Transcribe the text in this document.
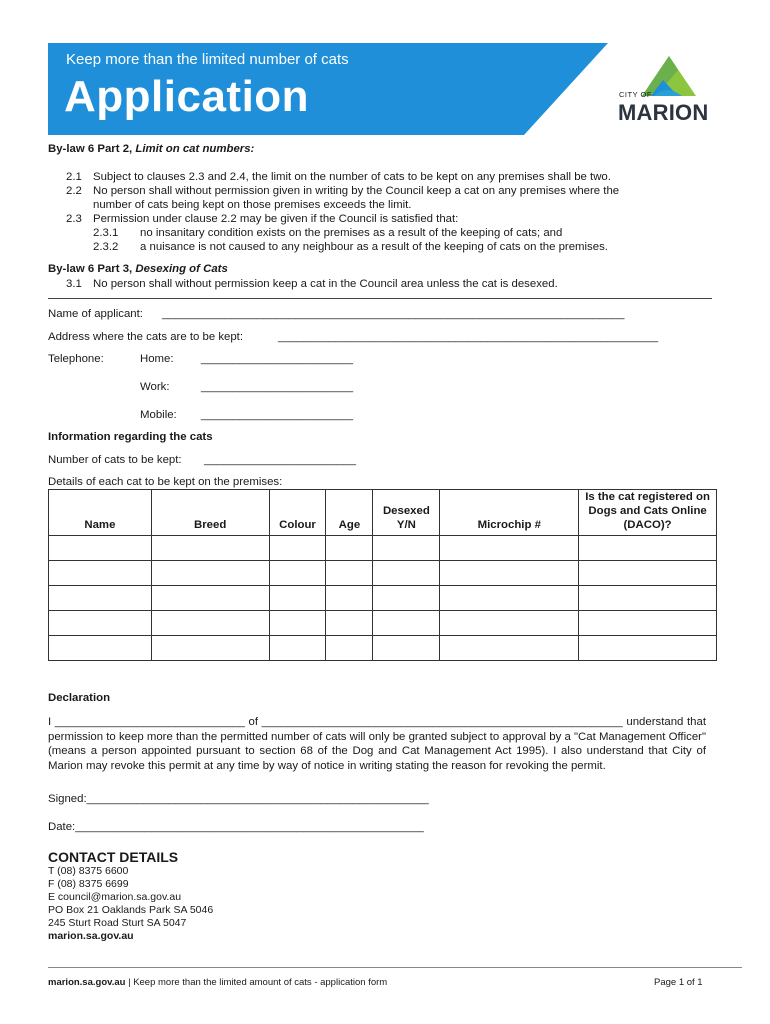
Keep more than the limited number of cats
Application	CITY OF
MARION
By-law 6 Part 2, Limit on cat numbers:
2.1 Subject to clauses 2.3 and 2.4, the limit on the number of cats to be kept on any premises shall be two.
2.2 No person shall without permission given in writing by the Council keep a cat on any premises where the
number of cats being kept on those premises exceeds the limit.
2.3 Permission under clause 2.2 may be given if the Council is satisfied that:
2.3.1 no insanitary condition exists on the premises as a result of the keeping of cats; and
2.3.2 a nuisance is not caused to any neighbour as a result of the keeping of cats on the premises.
By-law 6 Part 3, Desexing of Cats
3.1 No person shall without permission keep a cat in the Council area unless the cat is desexed.
Name of applicant: _________________________________________________________________________
Address where the cats are to be kept:	____________________________________________________________
Telephone:	Home: ________________________
Work:	________________________
Mobile: ________________________
Information regarding the cats
Number of cats to be kept: ________________________
Details of each cat to be kept on the premises:
Name	Breed	Colour	Age	Desexed Y/N	Microchip #	Is the cat registered on Dogs and Cats Online (DACO)?

Declaration
I ______________________________ of _________________________________________________________ understand that permission to keep more than the permitted number of cats will only be granted subject to approval by a "Cat Management Officer" (means a person appointed pursuant to section 68 of the Dog and Cat Management Act 1995). I also understand that City of Marion may revoke this permit at any time by way of notice in writing stating the reason for revoking the permit.
Signed:______________________________________________________
Date:_______________________________________________________
CONTACT DETAILS
T (08) 8375 6600
F (08) 8375 6699
E council@marion.sa.gov.au
PO Box 21 Oaklands Park SA 5046
245 Sturt Road Sturt SA 5047
marion.sa.gov.au
marion.sa.gov.au | Keep more than the limited amount of cats - application form	Page 1 of 1
